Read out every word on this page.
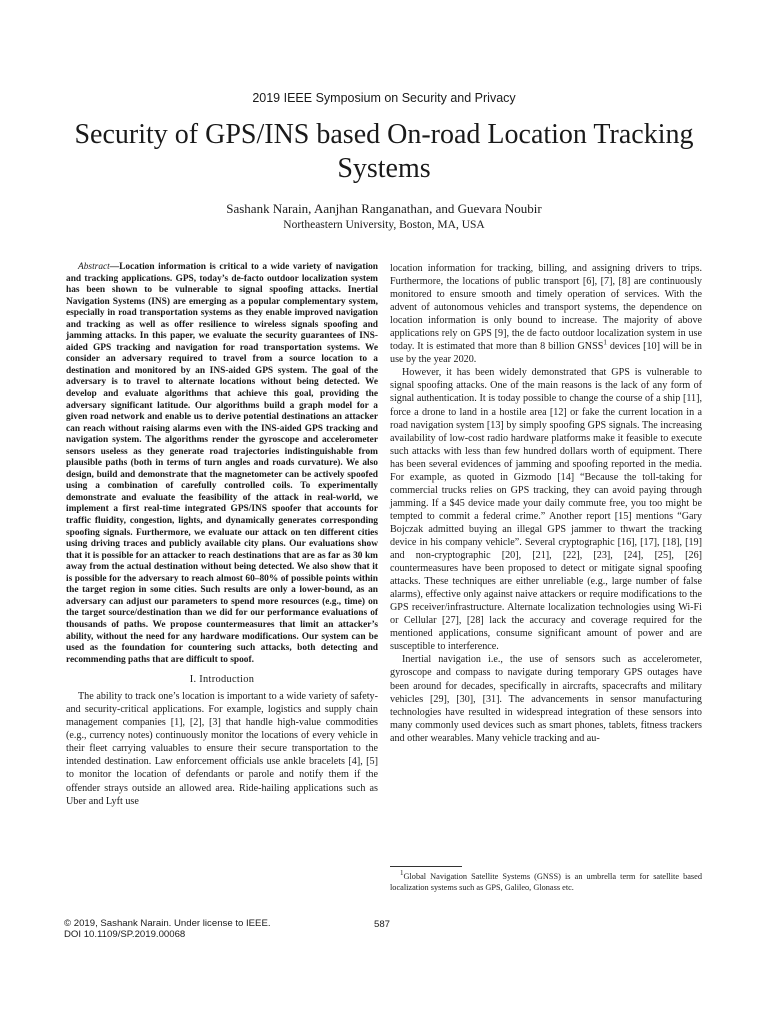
2019 IEEE Symposium on Security and Privacy
Security of GPS/INS based On-road Location Tracking Systems
Sashank Narain, Aanjhan Ranganathan, and Guevara Noubir
Northeastern University, Boston, MA, USA

Abstract—Location information is critical to a wide variety of navigation and tracking applications. GPS, today’s de-facto outdoor localization system has been shown to be vulnerable to signal spoofing attacks. Inertial Navigation Systems (INS) are emerging as a popular complementary system, especially in road transportation systems as they enable improved navigation and tracking as well as offer resilience to wireless signals spoofing and jamming attacks. In this paper, we evaluate the security guarantees of INS-aided GPS tracking and navigation for road transportation systems. We consider an adversary required to travel from a source location to a destination and monitored by an INS-aided GPS system. The goal of the adversary is to travel to alternate locations without being detected. We develop and evaluate algorithms that achieve this goal, providing the adversary significant latitude. Our algorithms build a graph model for a given road network and enable us to derive potential destinations an attacker can reach without raising alarms even with the INS-aided GPS tracking and navigation system. The algorithms render the gyroscope and accelerometer sensors useless as they generate road trajectories indistinguishable from plausible paths (both in terms of turn angles and roads curvature). We also design, build and demonstrate that the magnetometer can be actively spoofed using a combination of carefully controlled coils. To experimentally demonstrate and evaluate the feasibility of the attack in real-world, we implement a first real-time integrated GPS/INS spoofer that accounts for traffic fluidity, congestion, lights, and dynamically generates corresponding spoofing signals. Furthermore, we evaluate our attack on ten different cities using driving traces and publicly available city plans. Our evaluations show that it is possible for an attacker to reach destinations that are as far as 30 km away from the actual destination without being detected. We also show that it is possible for the adversary to reach almost 60–80% of possible points within the target region in some cities. Such results are only a lower-bound, as an adversary can adjust our parameters to spend more resources (e.g., time) on the target source/destination than we did for our performance evaluations of thousands of paths. We propose countermeasures that limit an attacker’s ability, without the need for any hardware modifications. Our system can be used as the foundation for countering such attacks, both detecting and recommending paths that are difficult to spoof.

I. Introduction

The ability to track one’s location is important to a wide variety of safety- and security-critical applications. For example, logistics and supply chain management companies [1], [2], [3] that handle high-value commodities (e.g., currency notes) continuously monitor the locations of every vehicle in their fleet carrying valuables to ensure their secure transportation to the intended destination. Law enforcement officials use ankle bracelets [4], [5] to monitor the location of defendants or parole and notify them if the offender strays outside an allowed area. Ride-hailing applications such as Uber and Lyft use

location information for tracking, billing, and assigning drivers to trips. Furthermore, the locations of public transport [6], [7], [8] are continuously monitored to ensure smooth and timely operation of services. With the advent of autonomous vehicles and transport systems, the dependence on location information is only bound to increase. The majority of above applications rely on GPS [9], the de facto outdoor localization system in use today. It is estimated that more than 8 billion GNSS$^1$ devices [10] will be in use by the year 2020.

However, it has been widely demonstrated that GPS is vulnerable to signal spoofing attacks. One of the main reasons is the lack of any form of signal authentication. It is today possible to change the course of a ship [11], force a drone to land in a hostile area [12] or fake the current location in a road navigation system [13] by simply spoofing GPS signals. The increasing availability of low-cost radio hardware platforms make it feasible to execute such attacks with less than few hundred dollars worth of equipment. There has been several evidences of jamming and spoofing reported in the media. For example, as quoted in Gizmodo [14] “Because the toll-taking for commercial trucks relies on GPS tracking, they can avoid paying through jamming. If a $45 device made your daily commute free, you too might be tempted to commit a federal crime.” Another report [15] mentions “Gary Bojczak admitted buying an illegal GPS jammer to thwart the tracking device in his company vehicle”. Several cryptographic [16], [17], [18], [19] and non-cryptographic [20], [21], [22], [23], [24], [25], [26] countermeasures have been proposed to detect or mitigate signal spoofing attacks. These techniques are either unreliable (e.g., large number of false alarms), effective only against naive attackers or require modifications to the GPS receiver/infrastructure. Alternate localization technologies using Wi-Fi or Cellular [27], [28] lack the accuracy and coverage required for the mentioned applications, consume significant amount of power and are susceptible to interference.

Inertial navigation i.e., the use of sensors such as accelerometer, gyroscope and compass to navigate during temporary GPS outages have been around for decades, specifically in aircrafts, spacecrafts and military vehicles [29], [30], [31]. The advancements in sensor manufacturing technologies have resulted in widespread integration of these sensors into many commonly used devices such as smart phones, tablets, fitness trackers and other wearables. Many vehicle tracking and au-

$^1$Global Navigation Satellite Systems (GNSS) is an umbrella term for satellite based localization systems such as GPS, Galileo, Glonass etc.
© 2019, Sashank Narain. Under license to IEEE.
DOI 10.1109/SP.2019.00068
587
